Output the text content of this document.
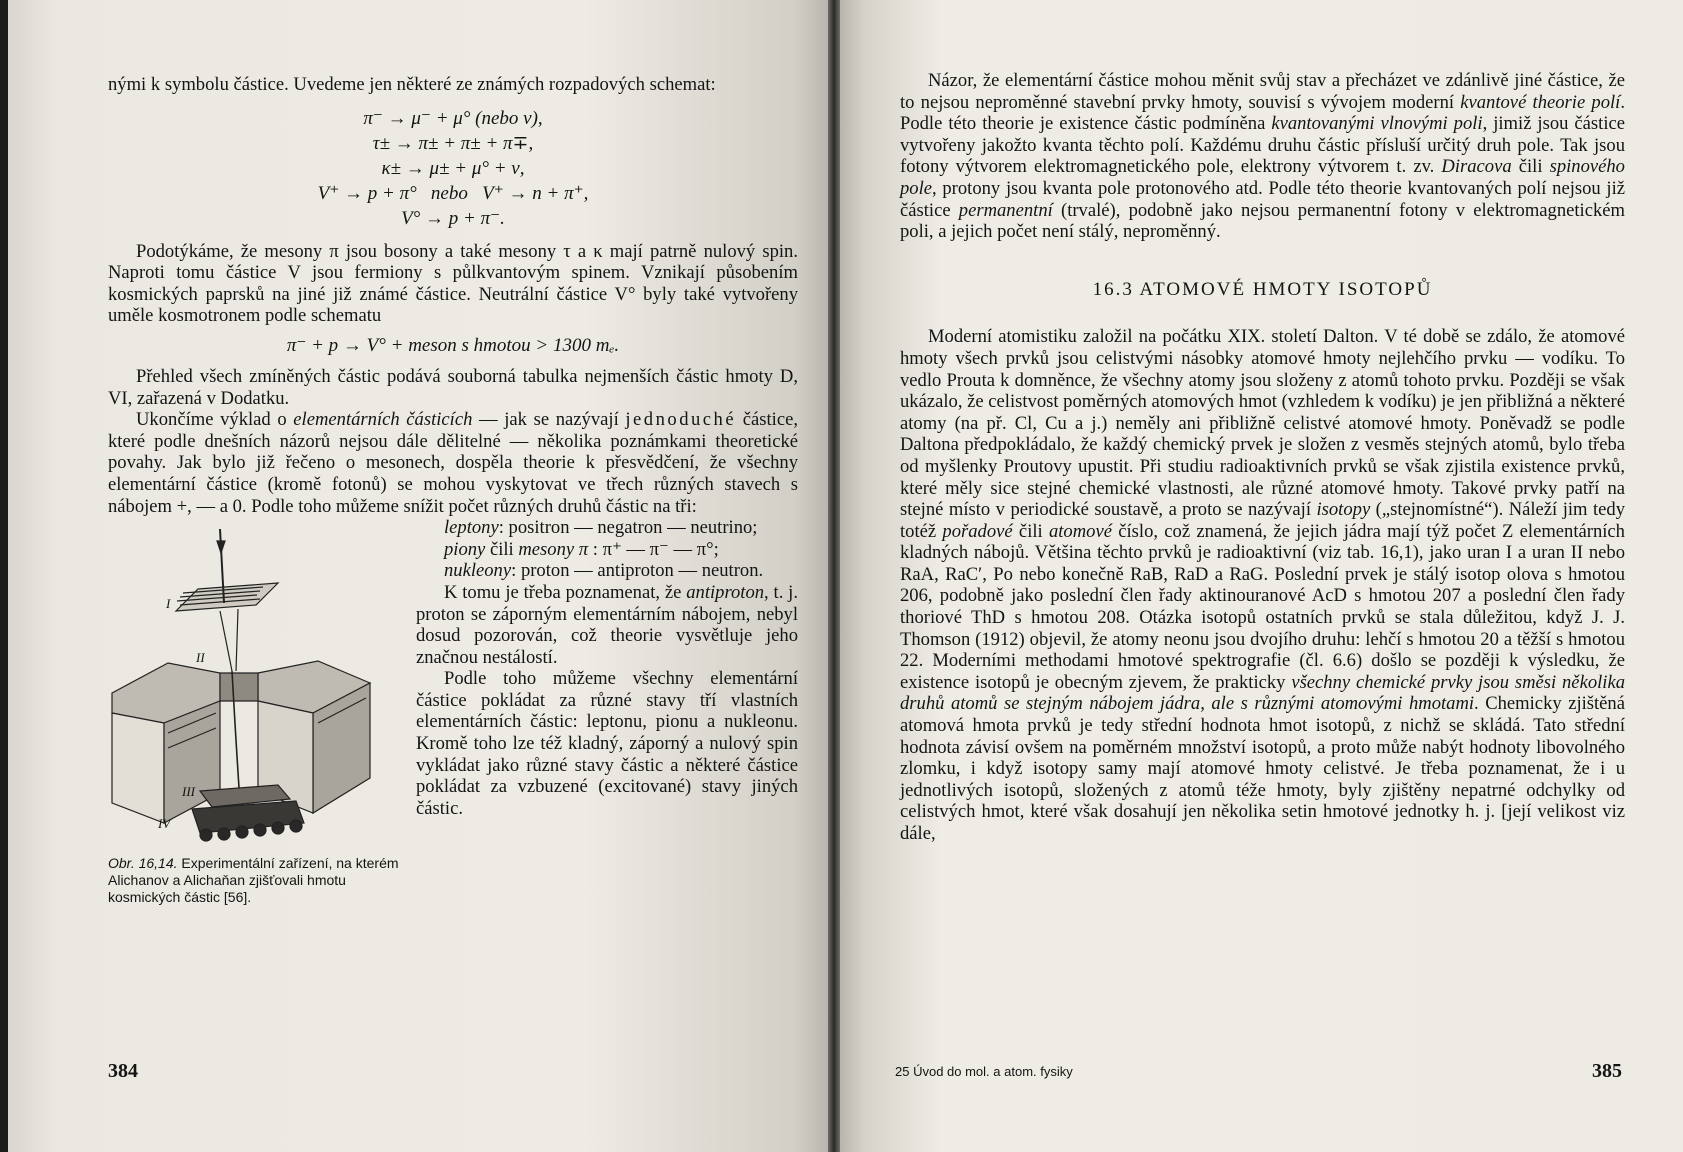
nými k symbolu částice. Uvedeme jen některé ze známých rozpadových schemat:

π⁻ → μ⁻ + μ° (nebo ν),
τ± → π± + π± + π∓,
κ± → μ± + μ° + ν,
V⁺ → p + π°   nebo   V⁺ → n + π⁺,
V° → p + π⁻.

Podotýkáme, že mesony π jsou bosony a také mesony τ a κ mají patrně nulový spin. Naproti tomu částice V jsou fermiony s půlkvantovým spinem. Vznikají působením kosmických paprsků na jiné již známé částice. Neutrální částice V° byly také vytvořeny uměle kosmotronem podle schematu

π⁻ + p → V° + meson s hmotou > 1300 mₑ.

Přehled všech zmíněných částic podává souborná tabulka nejmenších částic hmoty D, VI, zařazená v Dodatku.

Ukončíme výklad o elementárních částicích — jak se nazývají jednoduché částice, které podle dnešních názorů nejsou dále dělitelné — několika poznámkami theoretické povahy. Jak bylo již řečeno o mesonech, dospěla theorie k přesvědčení, že všechny elementární částice (kromě fotonů) se mohou vyskytovat ve třech různých stavech s nábojem +, — a 0. Podle toho můžeme snížit počet různých druhů částic na tři:

I
II
III
IV
Obr. 16,14. Experimentální zařízení, na kterém Alichanov a Alichaňan zjišťovali hmotu kosmických částic [56].

leptony: positron — negatron — neutrino;

piony čili mesony π : π⁺ — π⁻ — π°;

nukleony: proton — antiproton — neutron.

K tomu je třeba poznamenat, že antiproton, t. j. proton se záporným elementárním nábojem, nebyl dosud pozorován, což theorie vysvětluje jeho značnou nestálostí.

Podle toho můžeme všechny elementární částice pokládat za různé stavy tří vlastních elementárních částic: leptonu, pionu a nukleonu. Kromě toho lze též kladný, záporný a nulový spin vykládat jako různé stavy částic a některé částice pokládat za vzbuzené (excitované) stavy jiných částic.

384

Názor, že elementární částice mohou měnit svůj stav a přecházet ve zdánlivě jiné částice, že to nejsou neproměnné stavební prvky hmoty, souvisí s vývojem moderní kvantové theorie polí. Podle této theorie je existence částic podmíněna kvantovanými vlnovými poli, jimiž jsou částice vytvořeny jakožto kvanta těchto polí. Každému druhu částic přísluší určitý druh pole. Tak jsou fotony výtvorem elektromagnetického pole, elektrony výtvorem t. zv. Diracova čili spinového pole, protony jsou kvanta pole protonového atd. Podle této theorie kvantovaných polí nejsou již částice permanentní (trvalé), podobně jako nejsou permanentní fotony v elektromagnetickém poli, a jejich počet není stálý, neproměnný.

16.3 ATOMOVÉ HMOTY ISOTOPŮ

Moderní atomistiku založil na počátku XIX. století Dalton. V té době se zdálo, že atomové hmoty všech prvků jsou celistvými násobky atomové hmoty nejlehčího prvku — vodíku. To vedlo Prouta k domněnce, že všechny atomy jsou složeny z atomů tohoto prvku. Později se však ukázalo, že celistvost poměrných atomových hmot (vzhledem k vodíku) je jen přibližná a některé atomy (na př. Cl, Cu a j.) neměly ani přibližně celistvé atomové hmoty. Poněvadž se podle Daltona předpokládalo, že každý chemický prvek je složen z vesměs stejných atomů, bylo třeba od myšlenky Proutovy upustit. Při studiu radioaktivních prvků se však zjistila existence prvků, které měly sice stejné chemické vlastnosti, ale různé atomové hmoty. Takové prvky patří na stejné místo v periodické soustavě, a proto se nazývají isotopy („stejnomístné“). Náleží jim tedy totéž pořadové čili atomové číslo, což znamená, že jejich jádra mají týž počet Z elementárních kladných nábojů. Většina těchto prvků je radioaktivní (viz tab. 16,1), jako uran I a uran II nebo RaA, RaC′, Po nebo konečně RaB, RaD a RaG. Poslední prvek je stálý isotop olova s hmotou 206, podobně jako poslední člen řady aktinouranové AcD s hmotou 207 a poslední člen řady thoriové ThD s hmotou 208. Otázka isotopů ostatních prvků se stala důležitou, když J. J. Thomson (1912) objevil, že atomy neonu jsou dvojího druhu: lehčí s hmotou 20 a těžší s hmotou 22. Moderními methodami hmotové spektrografie (čl. 6.6) došlo se později k výsledku, že existence isotopů je obecným zjevem, že prakticky všechny chemické prvky jsou směsi několika druhů atomů se stejným nábojem jádra, ale s různými atomovými hmotami. Chemicky zjištěná atomová hmota prvků je tedy střední hodnota hmot isotopů, z nichž se skládá. Tato střední hodnota závisí ovšem na poměrném množství isotopů, a proto může nabýt hodnoty libovolného zlomku, i když isotopy samy mají atomové hmoty celistvé. Je třeba poznamenat, že i u jednotlivých isotopů, složených z atomů téže hmoty, byly zjištěny nepatrné odchylky od celistvých hmot, které však dosahují jen několika setin hmotové jednotky h. j. [její velikost viz dále,

25 Úvod do mol. a atom. fysiky	385
